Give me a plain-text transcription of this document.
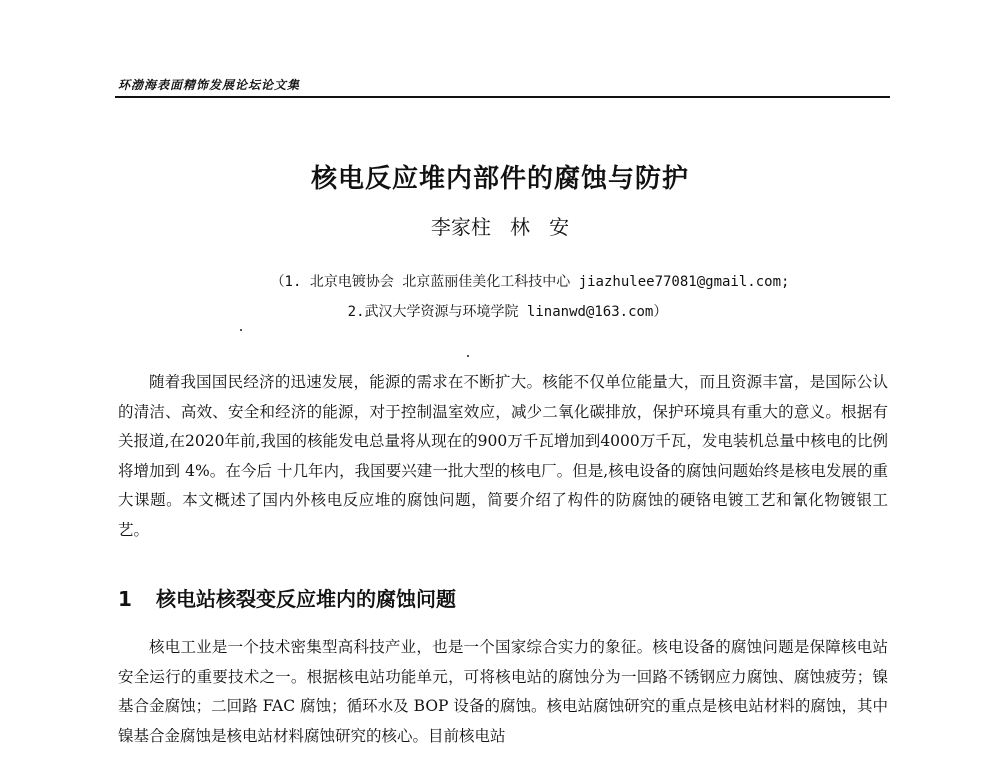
环渤海表面精饰发展论坛论文集
核电反应堆内部件的腐蚀与防护
李家柱   林   安
（1. 北京电镀协会 北京蓝丽佳美化工科技中心 jiazhulee77081@gmail.com;
2.武汉大学资源与环境学院 linanwd@163.com）

随着我国国民经济的迅速发展，能源的需求在不断扩大。核能不仅单位能量大，而且资源丰富，是国际公认的清洁、高效、安全和经济的能源，对于控制温室效应，减少二氧化碳排放，保护环境具有重大的意义。根据有关报道,在2020年前,我国的核能发电总量将从现在的900万千瓦增加到4000万千瓦，发电装机总量中核电的比例将增加到 4%。在今后 十几年内，我国要兴建一批大型的核电厂。但是,核电设备的腐蚀问题始终是核电发展的重大课题。本文概述了国内外核电反应堆的腐蚀问题，简要介绍了构件的防腐蚀的硬铬电镀工艺和氰化物镀银工艺。

1 核电站核裂变反应堆内的腐蚀问题

核电工业是一个技术密集型高科技产业，也是一个国家综合实力的象征。核电设备的腐蚀问题是保障核电站安全运行的重要技术之一。根据核电站功能单元，可将核电站的腐蚀分为一回路不锈钢应力腐蚀、腐蚀疲劳；镍基合金腐蚀；二回路 FAC 腐蚀；循环水及 BOP 设备的腐蚀。核电站腐蚀研究的重点是核电站材料的腐蚀，其中镍基合金腐蚀是核电站材料腐蚀研究的核心。目前核电站
